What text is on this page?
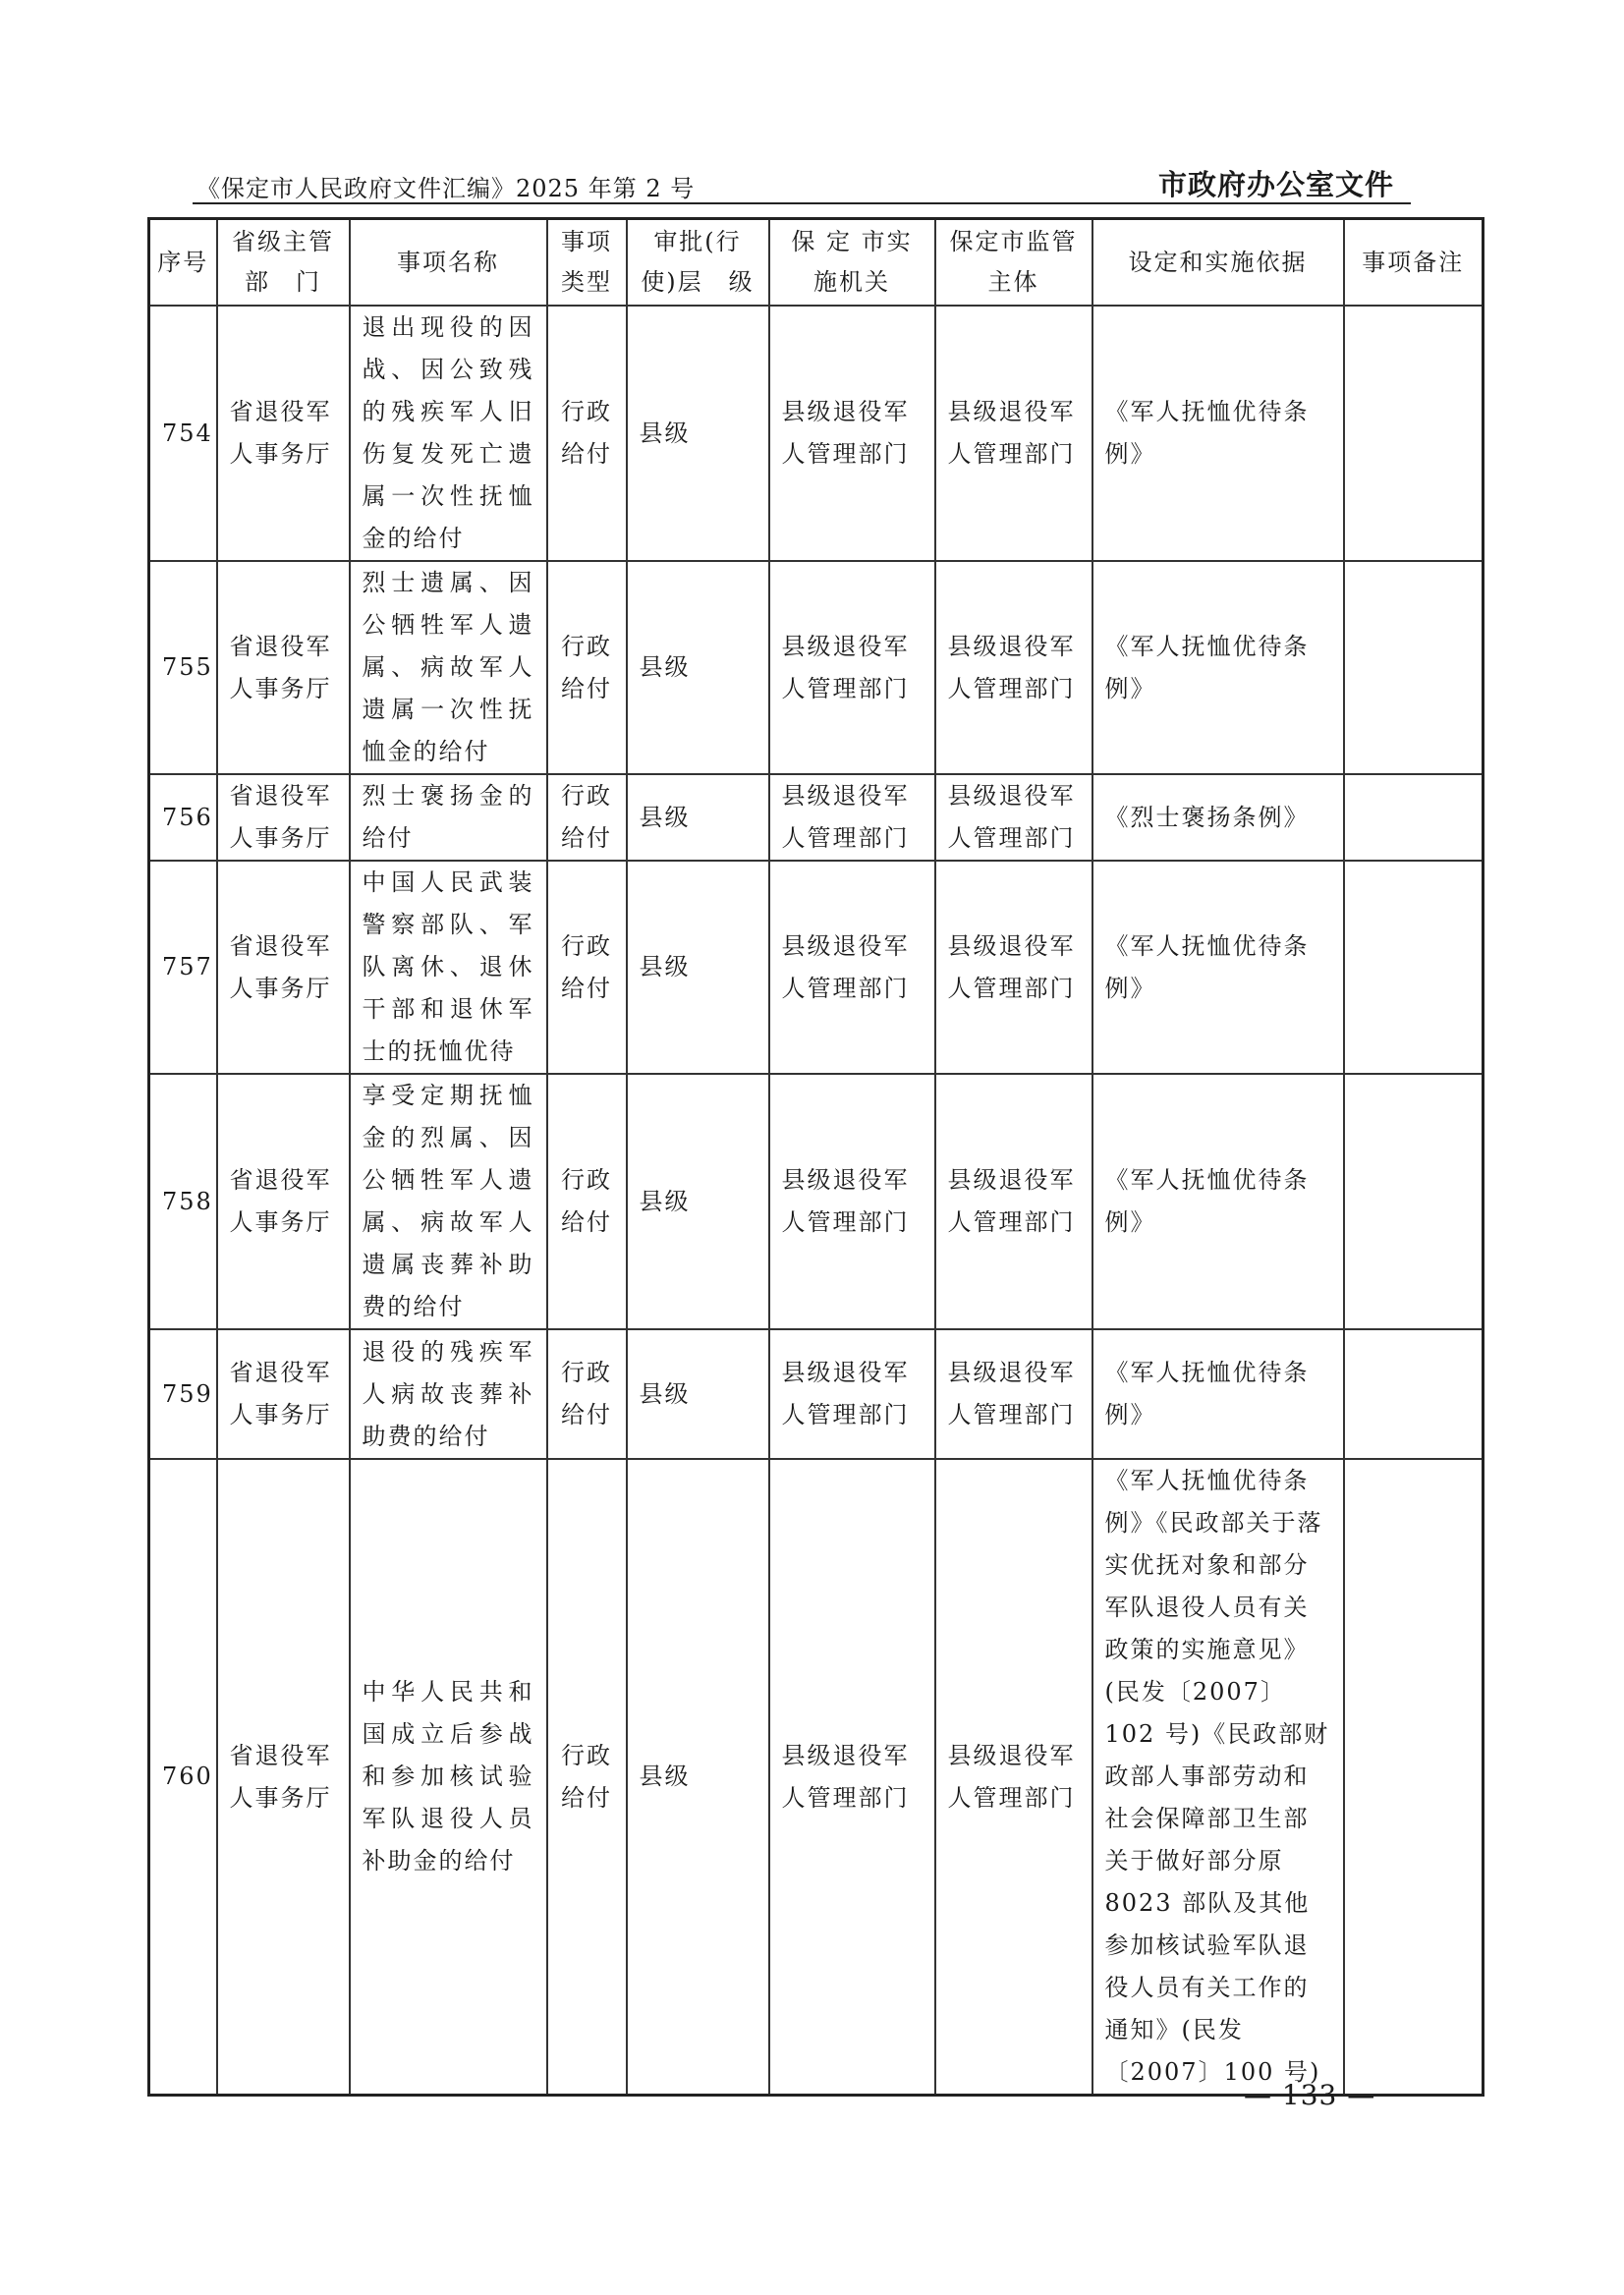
《保定市人民政府文件汇编》2025 年第 2 号	市政府办公室文件
序号	省级主管部　门	事项名称	事项类型	审批(行使)层　级	保 定 市实施机关	保定市监管主体	设定和实施依据	事项备注
754	省退役军人事务厅	退出现役的因战、因公致残的残疾军人旧伤复发死亡遗属一次性抚恤金的给付	行政给付	县级	县级退役军人管理部门	县级退役军人管理部门	《军人抚恤优待条例》	
755	省退役军人事务厅	烈士遗属、因公牺牲军人遗属、病故军人遗属一次性抚恤金的给付	行政给付	县级	县级退役军人管理部门	县级退役军人管理部门	《军人抚恤优待条例》	
756	省退役军人事务厅	烈士褒扬金的给付	行政给付	县级	县级退役军人管理部门	县级退役军人管理部门	《烈士褒扬条例》	
757	省退役军人事务厅	中国人民武装警察部队、军队离休、退休干部和退休军士的抚恤优待	行政给付	县级	县级退役军人管理部门	县级退役军人管理部门	《军人抚恤优待条例》	
758	省退役军人事务厅	享受定期抚恤金的烈属、因公牺牲军人遗属、病故军人遗属丧葬补助费的给付	行政给付	县级	县级退役军人管理部门	县级退役军人管理部门	《军人抚恤优待条例》	
759	省退役军人事务厅	退役的残疾军人病故丧葬补助费的给付	行政给付	县级	县级退役军人管理部门	县级退役军人管理部门	《军人抚恤优待条例》	
760	省退役军人事务厅	中华人民共和国成立后参战和参加核试验军队退役人员补助金的给付	行政给付	县级	县级退役军人管理部门	县级退役军人管理部门	《军人抚恤优待条例》《民政部关于落实优抚对象和部分军队退役人员有关政策的实施意见》(民发〔2007〕102 号)《民政部财政部人事部劳动和社会保障部卫生部关于做好部分原 8023 部队及其他参加核试验军队退役人员有关工作的通知》(民发〔2007〕100 号)	
— 133 —
